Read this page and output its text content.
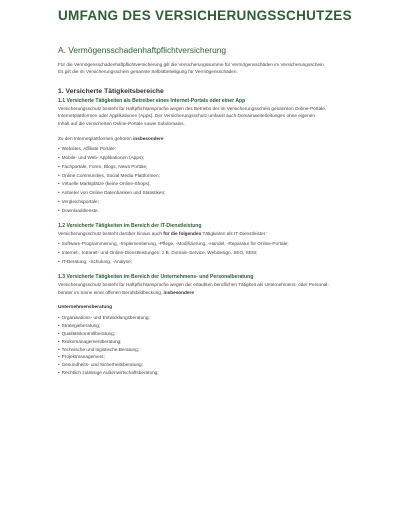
UMFANG DES VERSICHERUNGSSCHUTZES
A. Vermögensschadenhaftpflichtversicherung

Für die Vermögensschadenhaftpflichtversicherung gilt die Versicherungssumme für Vermögensschäden im Versicherungsschein.

Es gilt die im Versicherungsschein genannte Selbstbeteiligung für Vermögensschäden.

1. Versicherte Tätigkeitsbereiche
1.1 Versicherte Tätigkeiten als Betreiber eines Internet-Portals oder einer App

Versicherungsschutz besteht für Haftpflichtansprüche wegen des Betriebs der im Versicherungsschein genannten Online-Portale,

Internetplattformen oder Applikationen (Apps). Der Versicherungsschutz umfasst auch Domainweiterleitungen ohne eigenen

Inhalt auf die versicherten Online-Portale sowie Subdomains.

Zu den Internetplattformen gehören insbesondere

• Websites, Affiliate Portale;
• Mobile- und Web- Applikationen (Apps);
• Fachportale, Foren, Blogs, News Portale;
• Online Communities, Social Media Plattformen;
• Virtuelle Marktplätze (keine Online-Shops);
• Anbieter von Online Datenbanken und Statistiken;
• Vergleichsportale;
• Downloaddienste.
1.2 Versicherte Tätigkeiten im Bereich der IT-Dienstleistung

Versicherungsschutz besteht darüber hinaus auch für die folgenden Tätigkeiten als IT-Dienstleister:

• Software-Programmierung, -Implementierung, -Pflege, -Modifizierung, -Handel, -Reparatur für Online-Portale;
• Internet-, Intranet- und Online-Dienstleistungen: z.B. Domain-Service, Webdesign, SEO, SEM;
• IT-Beratung, -Schulung, -Analyse;
1.3 Versicherte Tätigkeiten im Bereich der Unternehmens- und Personalberatung

Versicherungsschutz besteht für Haftpflichtansprüche wegen der erlaubten beruflichen Tätigkeit als Unternehmens- oder Personal-

berater im Sinne einer offenen Berufsbildbeckung, insbesondere

Unternehmensberatung
• Organisations- und Entwicklungsberatung;
• Strategieberatung;
• Qualitätskontrollberatung;
• Risikomanagementberatung;
• Technische und logistische Beratung;
• Projektmanagement;
• Gesundheits- und Sicherheitsberatung;
• Rechtlich zulässige Außenwirtschaftsberatung;
